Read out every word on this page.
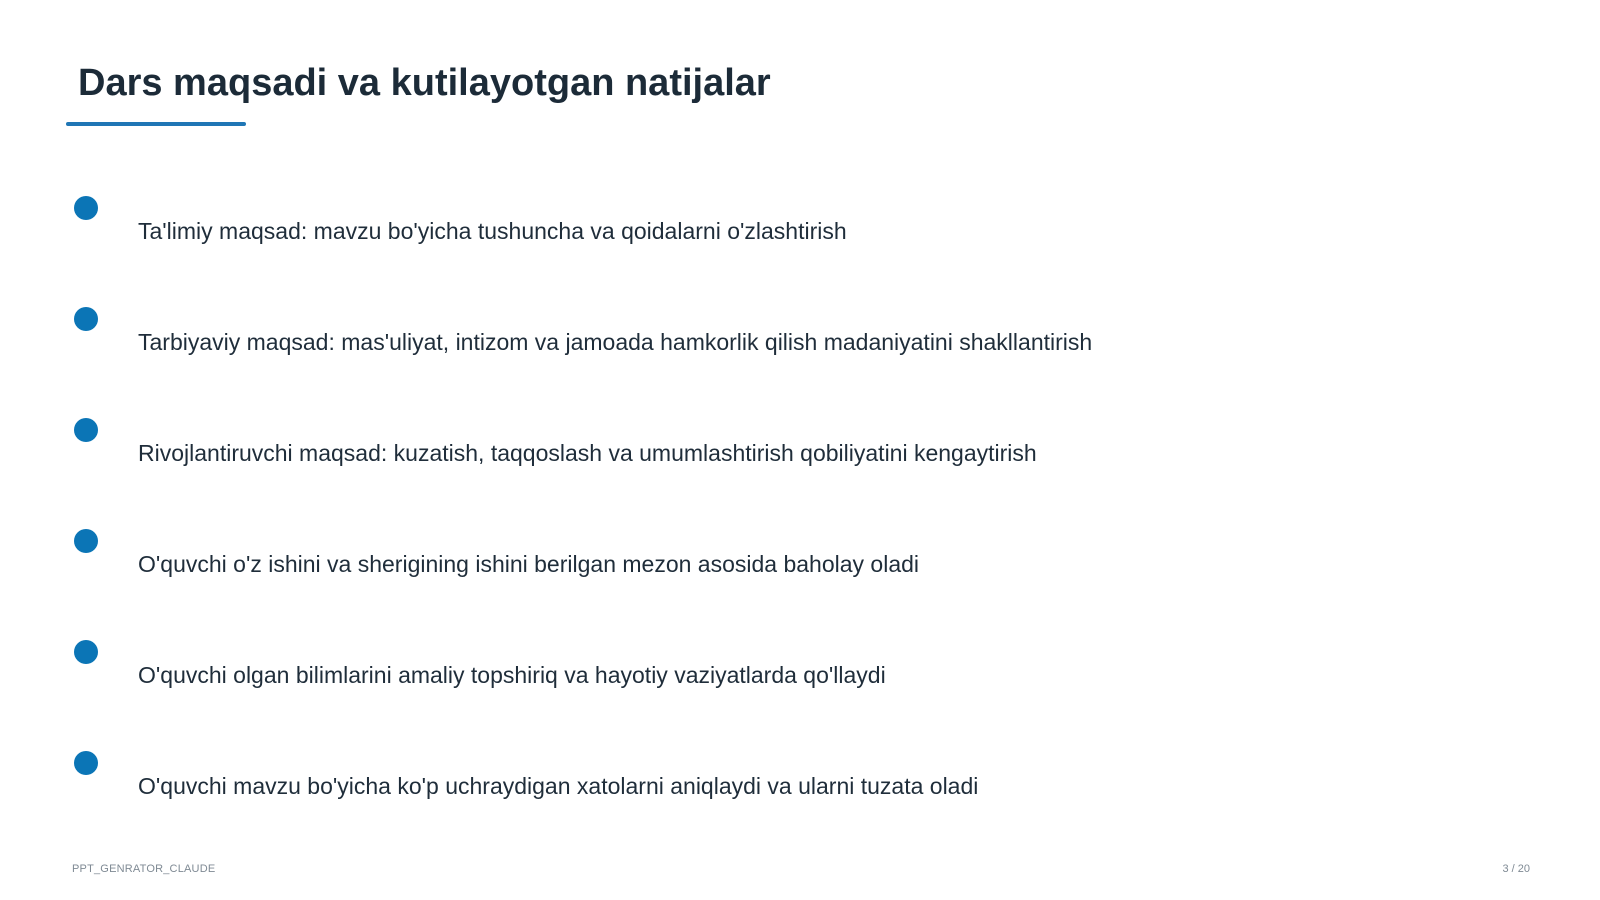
Dars maqsadi va kutilayotgan natijalar
Ta'limiy maqsad: mavzu bo'yicha tushuncha va qoidalarni o'zlashtirish
Tarbiyaviy maqsad: mas'uliyat, intizom va jamoada hamkorlik qilish madaniyatini shakllantirish
Rivojlantiruvchi maqsad: kuzatish, taqqoslash va umumlashtirish qobiliyatini kengaytirish
O'quvchi o'z ishini va sherigining ishini berilgan mezon asosida baholay oladi
O'quvchi olgan bilimlarini amaliy topshiriq va hayotiy vaziyatlarda qo'llaydi
O'quvchi mavzu bo'yicha ko'p uchraydigan xatolarni aniqlaydi va ularni tuzata oladi
PPT_GENRATOR_CLAUDE	3 / 20
